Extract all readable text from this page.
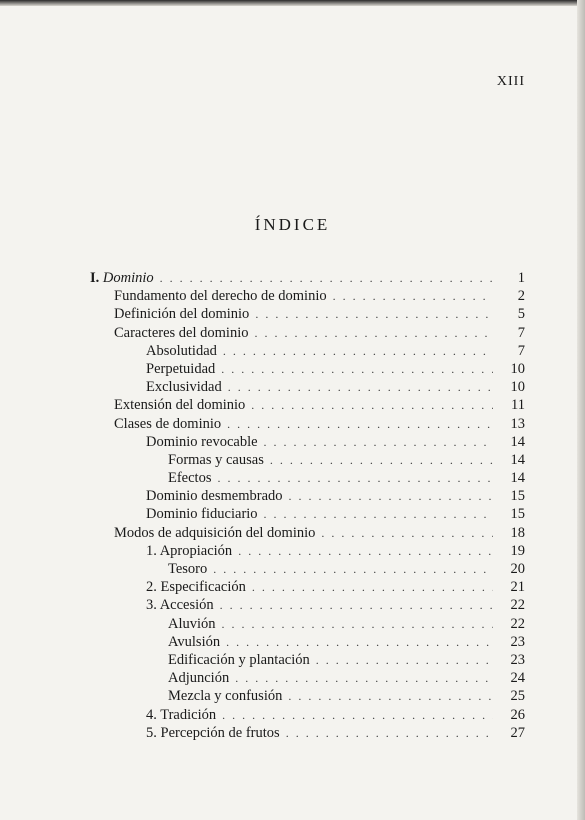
XIII
ÍNDICE
I. Dominio . . .	1
Fundamento del derecho de dominio . . .	2
Definición del dominio . . .	5
Caracteres del dominio . . .	7
Absolutidad . . .	7
Perpetuidad . . .	10
Exclusividad . . .	10
Extensión del dominio . . .	11
Clases de dominio . . .	13
Dominio revocable . . .	14
Formas y causas . . .	14
Efectos . . .	14
Dominio desmembrado . . .	15
Dominio fiduciario . . .	15
Modos de adquisición del dominio . . .	18
1. Apropiación . . .	19
Tesoro . . .	20
2. Especificación . . .	21
3. Accesión . . .	22
Aluvión . . .	22
Avulsión . . .	23
Edificación y plantación . . .	23
Adjunción . . .	24
Mezcla y confusión . . .	25
4. Tradición . . .	26
5. Percepción de frutos . . .	27
